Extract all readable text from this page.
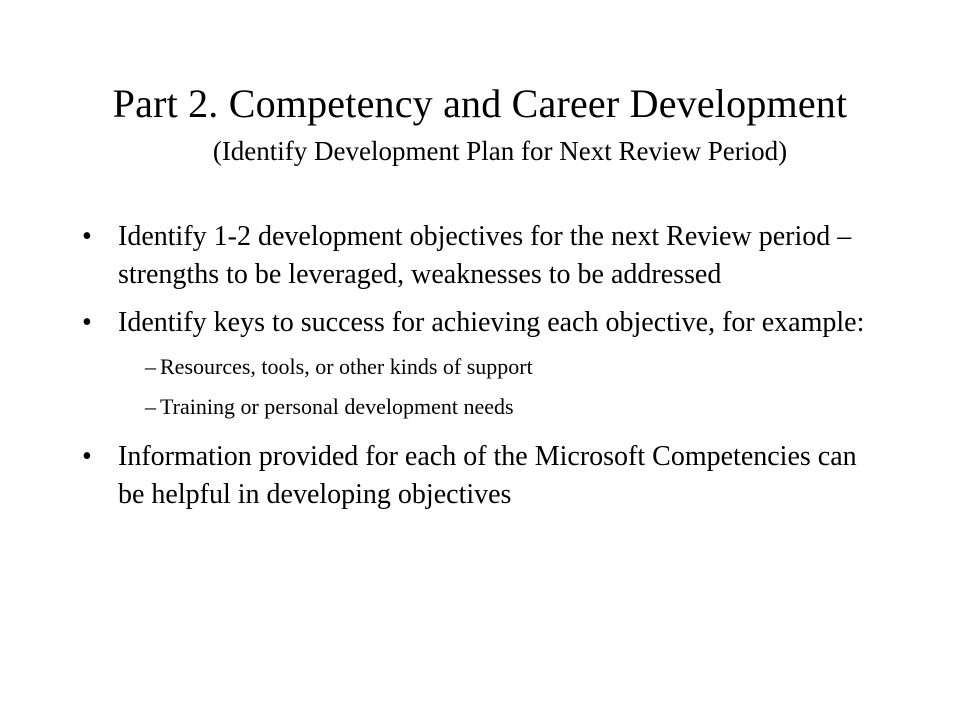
Part 2. Competency and Career Development
(Identify Development Plan for Next Review Period)
• Identify 1-2 development objectives for the next Review period – strengths to be leveraged, weaknesses to be addressed
• Identify keys to success for achieving each objective, for example:
– Resources, tools, or other kinds of support
– Training or personal development needs
• Information provided for each of the Microsoft Competencies can be helpful in developing objectives
